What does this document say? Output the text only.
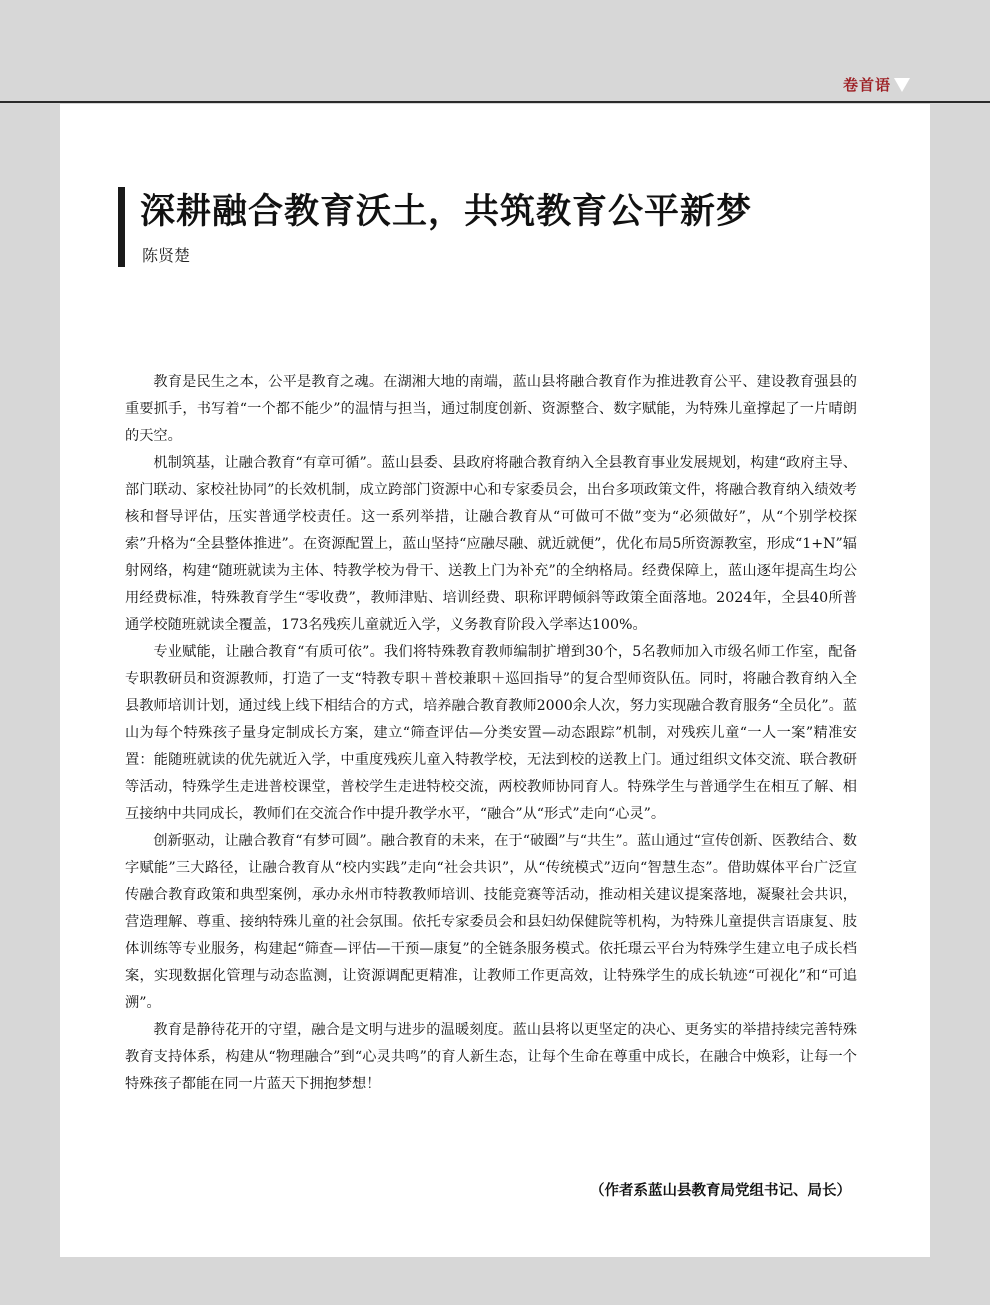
卷首语
深耕融合教育沃土，共筑教育公平新梦

陈贤楚

教育是民生之本，公平是教育之魂。在湖湘大地的南端，蓝山县将融合教育作为推进教育公平、建设教育强县的重要抓手，书写着“一个都不能少”的温情与担当，通过制度创新、资源整合、数字赋能，为特殊儿童撑起了一片晴朗的天空。

机制筑基，让融合教育“有章可循”。蓝山县委、县政府将融合教育纳入全县教育事业发展规划，构建“政府主导、部门联动、家校社协同”的长效机制，成立跨部门资源中心和专家委员会，出台多项政策文件，将融合教育纳入绩效考核和督导评估，压实普通学校责任。这一系列举措，让融合教育从“可做可不做”变为“必须做好”，从“个别学校探索”升格为“全县整体推进”。在资源配置上，蓝山坚持“应融尽融、就近就便”，优化布局5所资源教室，形成“1+N”辐射网络，构建“随班就读为主体、特教学校为骨干、送教上门为补充”的全纳格局。经费保障上，蓝山逐年提高生均公用经费标准，特殊教育学生“零收费”，教师津贴、培训经费、职称评聘倾斜等政策全面落地。2024年，全县40所普通学校随班就读全覆盖，173名残疾儿童就近入学，义务教育阶段入学率达100%。

专业赋能，让融合教育“有质可依”。我们将特殊教育教师编制扩增到30个，5名教师加入市级名师工作室，配备专职教研员和资源教师，打造了一支“特教专职＋普校兼职＋巡回指导”的复合型师资队伍。同时，将融合教育纳入全县教师培训计划，通过线上线下相结合的方式，培养融合教育教师2000余人次，努力实现融合教育服务“全员化”。蓝山为每个特殊孩子量身定制成长方案，建立“筛查评估—分类安置—动态跟踪”机制，对残疾儿童“一人一案”精准安置：能随班就读的优先就近入学，中重度残疾儿童入特教学校，无法到校的送教上门。通过组织文体交流、联合教研等活动，特殊学生走进普校课堂，普校学生走进特校交流，两校教师协同育人。特殊学生与普通学生在相互了解、相互接纳中共同成长，教师们在交流合作中提升教学水平，“融合”从“形式”走向“心灵”。

创新驱动，让融合教育“有梦可圆”。融合教育的未来，在于“破圈”与“共生”。蓝山通过“宣传创新、医教结合、数字赋能”三大路径，让融合教育从“校内实践”走向“社会共识”，从“传统模式”迈向“智慧生态”。借助媒体平台广泛宣传融合教育政策和典型案例，承办永州市特教教师培训、技能竞赛等活动，推动相关建议提案落地，凝聚社会共识，营造理解、尊重、接纳特殊儿童的社会氛围。依托专家委员会和县妇幼保健院等机构，为特殊儿童提供言语康复、肢体训练等专业服务，构建起“筛查—评估—干预—康复”的全链条服务模式。依托璟云平台为特殊学生建立电子成长档案，实现数据化管理与动态监测，让资源调配更精准，让教师工作更高效，让特殊学生的成长轨迹“可视化”和“可追溯”。

教育是静待花开的守望，融合是文明与进步的温暖刻度。蓝山县将以更坚定的决心、更务实的举措持续完善特殊教育支持体系，构建从“物理融合”到“心灵共鸣”的育人新生态，让每个生命在尊重中成长，在融合中焕彩，让每一个特殊孩子都能在同一片蓝天下拥抱梦想！

（作者系蓝山县教育局党组书记、局长）
